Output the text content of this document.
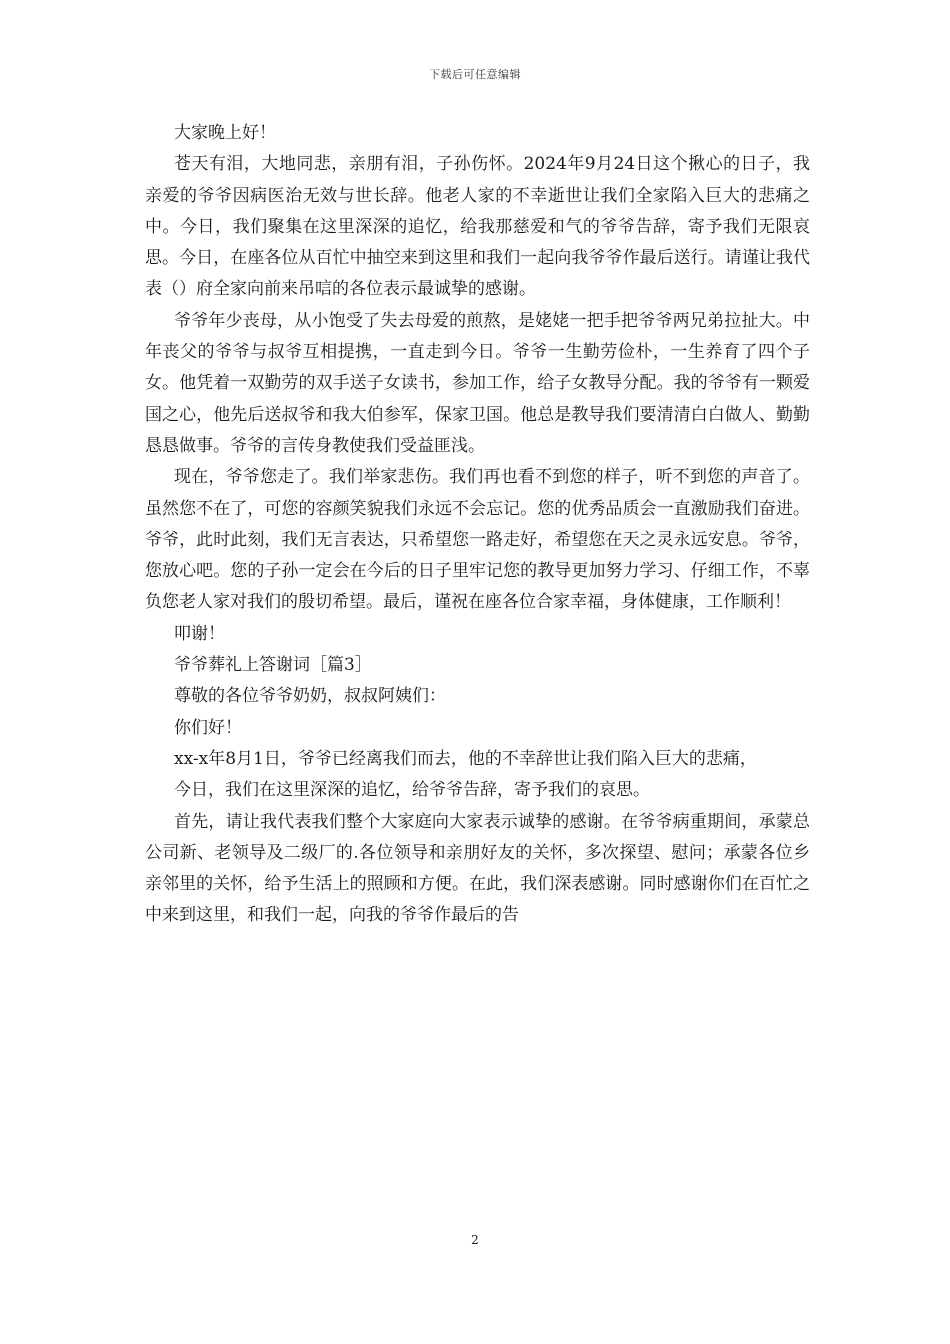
下载后可任意编辑

大家晚上好！

苍天有泪，大地同悲，亲朋有泪，子孙伤怀。2024年9月24日这个揪心的日子，我亲爱的爷爷因病医治无效与世长辞。他老人家的不幸逝世让我们全家陷入巨大的悲痛之中。今日，我们聚集在这里深深的追忆，给我那慈爱和气的爷爷告辞，寄予我们无限哀思。今日，在座各位从百忙中抽空来到这里和我们一起向我爷爷作最后送行。请谨让我代表（）府全家向前来吊唁的各位表示最诚挚的感谢。

爷爷年少丧母，从小饱受了失去母爱的煎熬，是姥姥一把手把爷爷两兄弟拉扯大。中年丧父的爷爷与叔爷互相提携，一直走到今日。爷爷一生勤劳俭朴，一生养育了四个子女。他凭着一双勤劳的双手送子女读书，参加工作，给子女教导分配。我的爷爷有一颗爱国之心，他先后送叔爷和我大伯参军，保家卫国。他总是教导我们要清清白白做人、勤勤恳恳做事。爷爷的言传身教使我们受益匪浅。

现在，爷爷您走了。我们举家悲伤。我们再也看不到您的样子，听不到您的声音了。虽然您不在了，可您的容颜笑貌我们永远不会忘记。您的优秀品质会一直激励我们奋进。爷爷，此时此刻，我们无言表达，只希望您一路走好，希望您在天之灵永远安息。爷爷，您放心吧。您的子孙一定会在今后的日子里牢记您的教导更加努力学习、仔细工作，不辜负您老人家对我们的殷切希望。最后，谨祝在座各位合家幸福，身体健康，工作顺利！

叩谢！

爷爷葬礼上答谢词［篇3］

尊敬的各位爷爷奶奶，叔叔阿姨们：

你们好！

xx-x年8月1日，爷爷已经离我们而去，他的不幸辞世让我们陷入巨大的悲痛，

今日，我们在这里深深的追忆，给爷爷告辞，寄予我们的哀思。

首先，请让我代表我们整个大家庭向大家表示诚挚的感谢。在爷爷病重期间，承蒙总公司新、老领导及二级厂的.各位领导和亲朋好友的关怀，多次探望、慰问；承蒙各位乡亲邻里的关怀，给予生活上的照顾和方便。在此，我们深表感谢。同时感谢你们在百忙之中来到这里，和我们一起，向我的爷爷作最后的告

2
